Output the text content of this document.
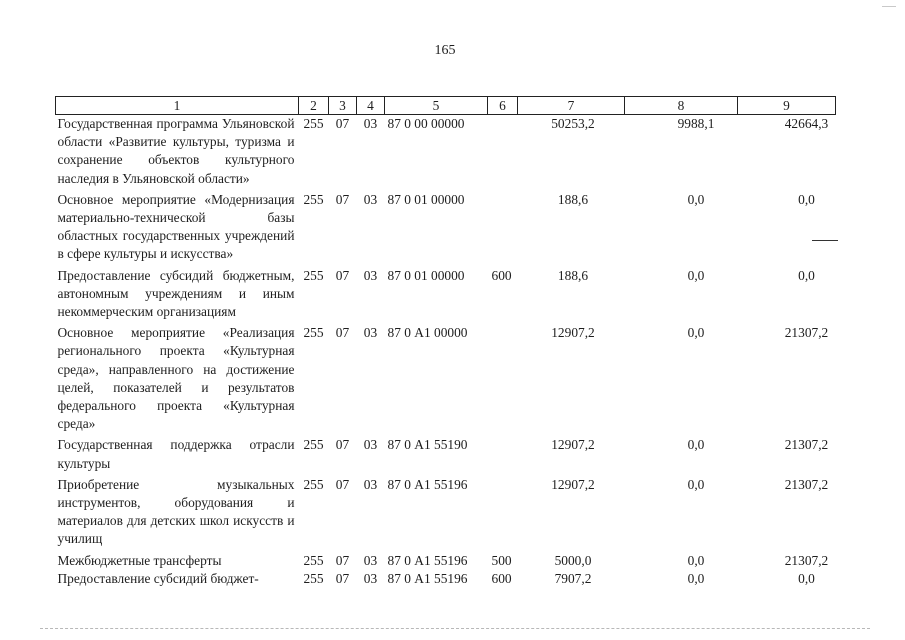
165
1	2	3	4	5	6	7	8	9
Государственная программа Ульяновской области «Развитие культуры, туризма и сохранение объектов культурного наследия в Ульяновской области»	255	07	03	87 0 00 00000		50253,2	9988,1	42664,3
Основное мероприятие «Модернизация материально-технической базы областных государственных учреждений в сфере культуры и искусства»	255	07	03	87 0 01 00000		188,6	0,0	0,0
Предоставление субсидий бюджетным, автономным учреждениям и иным некоммерческим организациям	255	07	03	87 0 01 00000	600	188,6	0,0	0,0
Основное мероприятие «Реализация регионального проекта «Культурная среда», направленного на достижение целей, показателей и результатов федерального проекта «Культурная среда»	255	07	03	87 0 А1 00000		12907,2	0,0	21307,2
Государственная поддержка отрасли культуры	255	07	03	87 0 А1 55190		12907,2	0,0	21307,2
Приобретение музыкальных инструментов, оборудования и материалов для детских школ искусств и училищ	255	07	03	87 0 А1 55196		12907,2	0,0	21307,2
Межбюджетные трансферты	255	07	03	87 0 А1 55196	500	5000,0	0,0	21307,2
Предоставление субсидий бюджет-	255	07	03	87 0 А1 55196	600	7907,2	0,0	0,0
